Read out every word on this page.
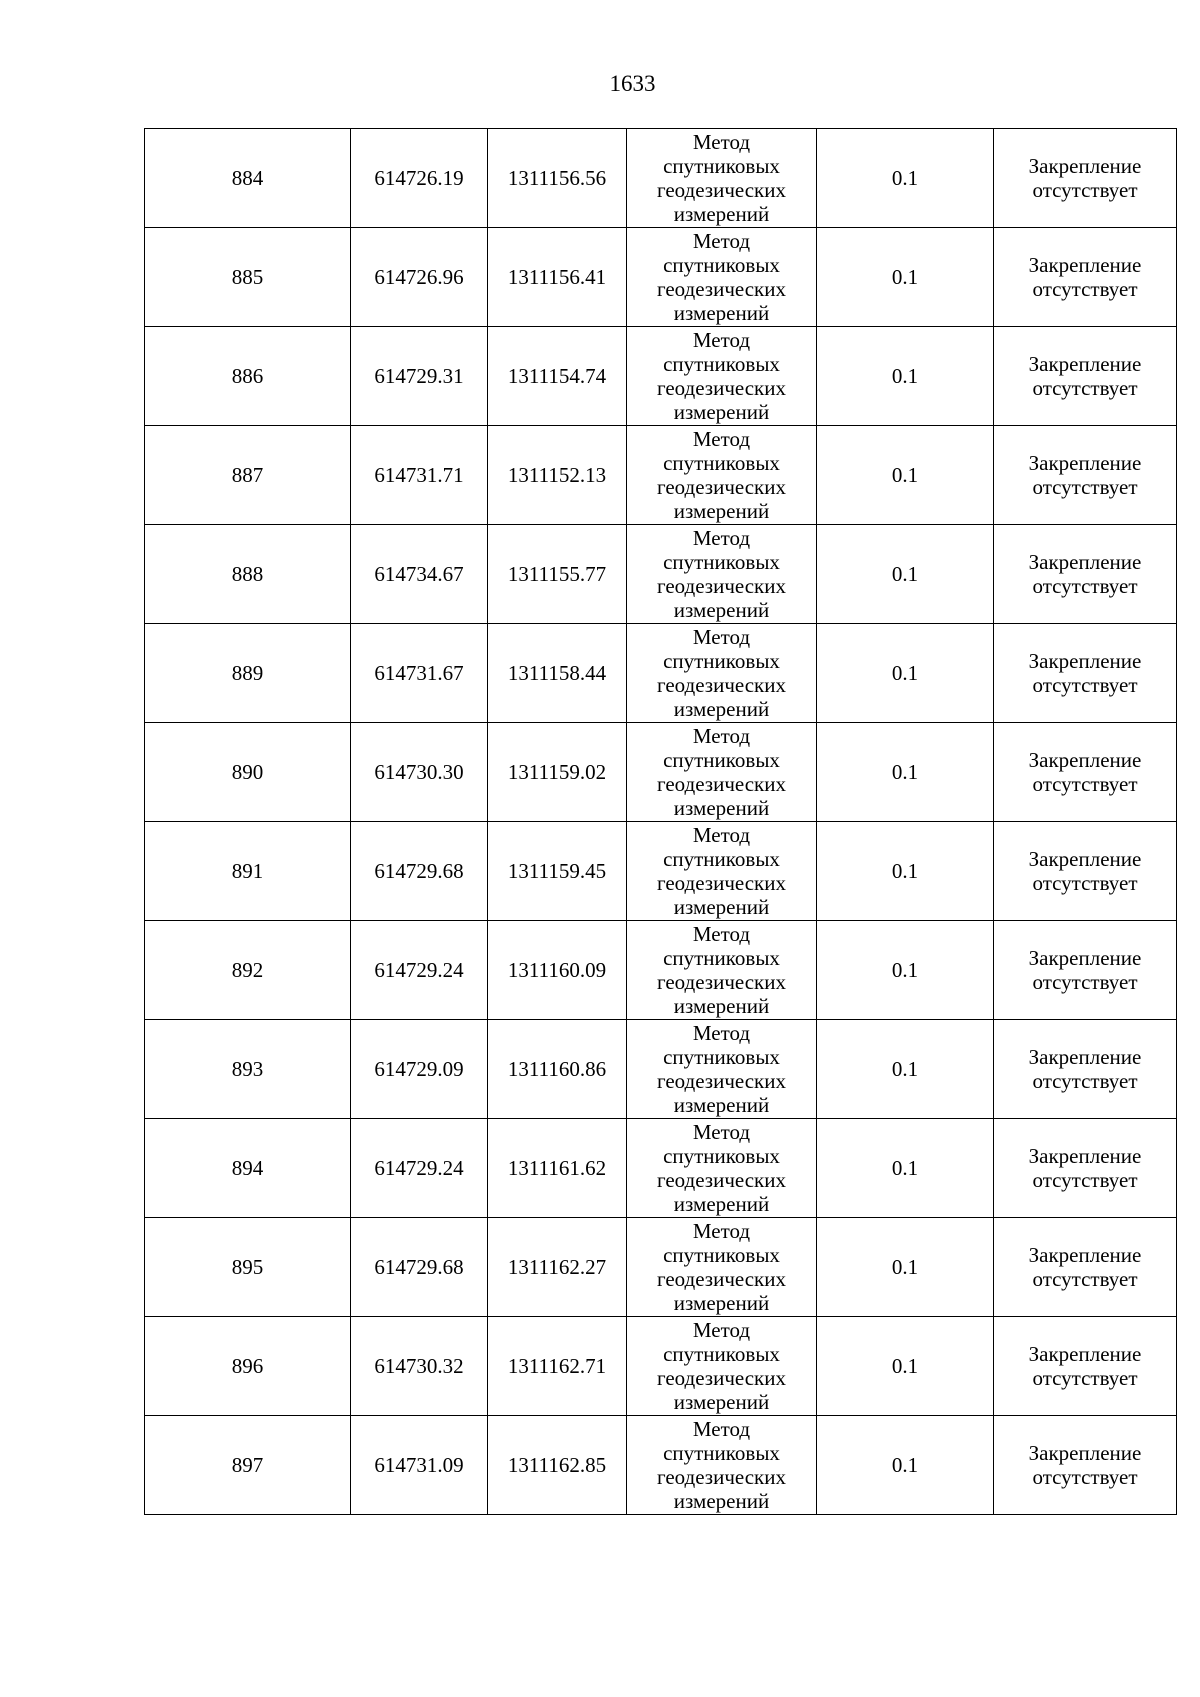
1633
884	614726.19	1311156.56	Метод
спутниковых
геодезических
измерений	0.1	Закрепление
отсутствует

885	614726.96	1311156.41	Метод
спутниковых
геодезических
измерений	0.1	Закрепление
отсутствует

886	614729.31	1311154.74	Метод
спутниковых
геодезических
измерений	0.1	Закрепление
отсутствует

887	614731.71	1311152.13	Метод
спутниковых
геодезических
измерений	0.1	Закрепление
отсутствует

888	614734.67	1311155.77	Метод
спутниковых
геодезических
измерений	0.1	Закрепление
отсутствует

889	614731.67	1311158.44	Метод
спутниковых
геодезических
измерений	0.1	Закрепление
отсутствует

890	614730.30	1311159.02	Метод
спутниковых
геодезических
измерений	0.1	Закрепление
отсутствует

891	614729.68	1311159.45	Метод
спутниковых
геодезических
измерений	0.1	Закрепление
отсутствует

892	614729.24	1311160.09	Метод
спутниковых
геодезических
измерений	0.1	Закрепление
отсутствует

893	614729.09	1311160.86	Метод
спутниковых
геодезических
измерений	0.1	Закрепление
отсутствует

894	614729.24	1311161.62	Метод
спутниковых
геодезических
измерений	0.1	Закрепление
отсутствует

895	614729.68	1311162.27	Метод
спутниковых
геодезических
измерений	0.1	Закрепление
отсутствует

896	614730.32	1311162.71	Метод
спутниковых
геодезических
измерений	0.1	Закрепление
отсутствует

897	614731.09	1311162.85	Метод
спутниковых
геодезических
измерений	0.1	Закрепление
отсутствует
